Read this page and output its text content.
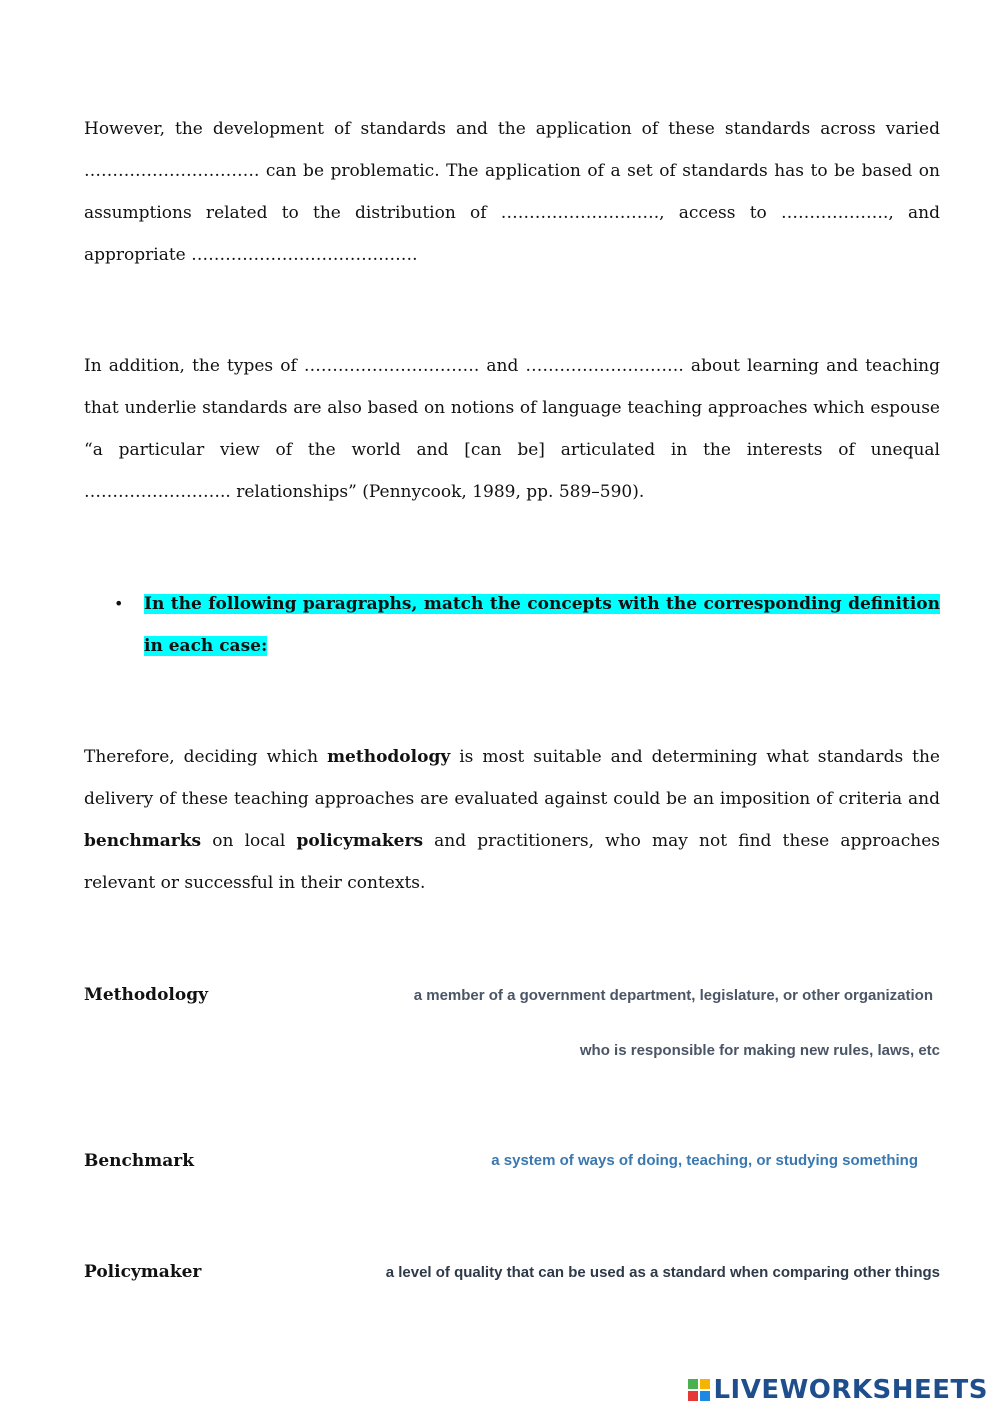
However, the development of standards and the application of these standards across varied …………………………. can be problematic. The application of a set of standards has to be based on assumptions related to the distribution of ………………………., access to ………………., and appropriate ………………………………….

In addition, the types of …………………………. and ………………………. about learning and teaching that underlie standards are also based on notions of language teaching approaches which espouse “a particular view of the world and [can be] articulated in the interests of unequal …………………….. relationships” (Pennycook, 1989, pp. 589–590).

• In the following paragraphs, match the concepts with the corresponding definition in each case:

Therefore, deciding which methodology is most suitable and determining what standards the delivery of these teaching approaches are evaluated against could be an imposition of criteria and benchmarks on local policymakers and practitioners, who may not find these approaches relevant or successful in their contexts.

Methodology	a member of a government department, legislature, or other organization
who is responsible for making new rules, laws, etc
Benchmark	a system of ways of doing, teaching, or studying something
Policymaker	a level of quality that can be used as a standard when comparing other things
LIVEWORKSHEETS
